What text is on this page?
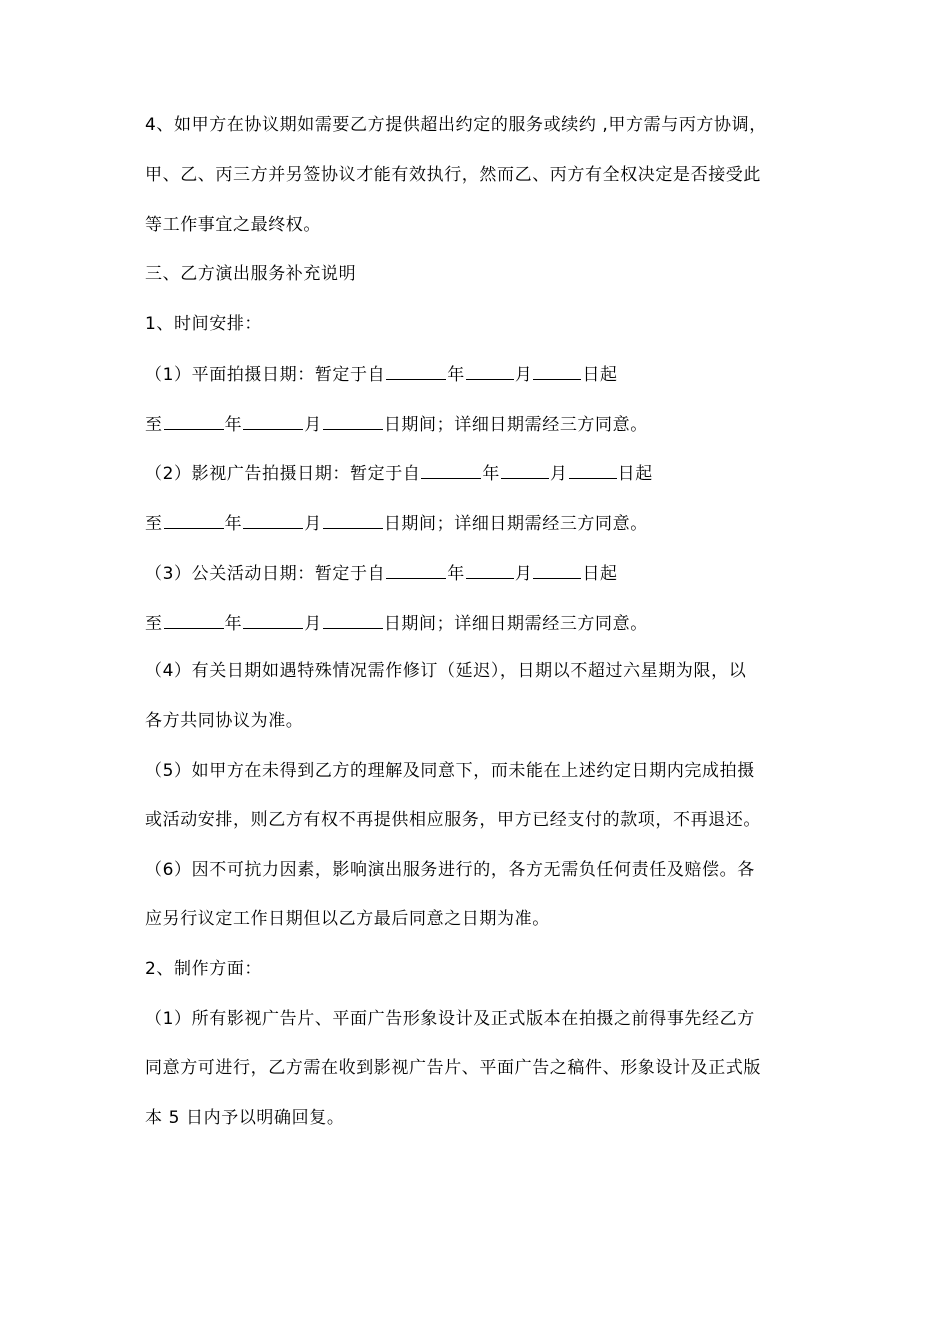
4、如甲方在协议期如需要乙方提供超出约定的服务或续约 ,甲方需与丙方协调，
甲、乙、丙三方并另签协议才能有效执行，然而乙、丙方有全权决定是否接受此
等工作事宜之最终权。
三、乙方演出服务补充说明
1、时间安排：
（1）平面拍摄日期：暂定于自	年	月	日起
至	年	月	日期间；详细日期需经三方同意。
（2）影视广告拍摄日期：暂定于自	年	月	日起
至	年	月	日期间；详细日期需经三方同意。
（3）公关活动日期：暂定于自	年	月	日起
至	年	月	日期间；详细日期需经三方同意。
（4）有关日期如遇特殊情况需作修订（延迟），日期以不超过六星期为限，以
各方共同协议为准。
（5）如甲方在未得到乙方的理解及同意下，而未能在上述约定日期内完成拍摄
或活动安排，则乙方有权不再提供相应服务，甲方已经支付的款项，不再退还。
（6）因不可抗力因素，影响演出服务进行的，各方无需负任何责任及赔偿。各
应另行议定工作日期但以乙方最后同意之日期为准。
2、制作方面：
（1）所有影视广告片、平面广告形象设计及正式版本在拍摄之前得事先经乙方
同意方可进行，乙方需在收到影视广告片、平面广告之稿件、形象设计及正式版
本 5 日内予以明确回复。
